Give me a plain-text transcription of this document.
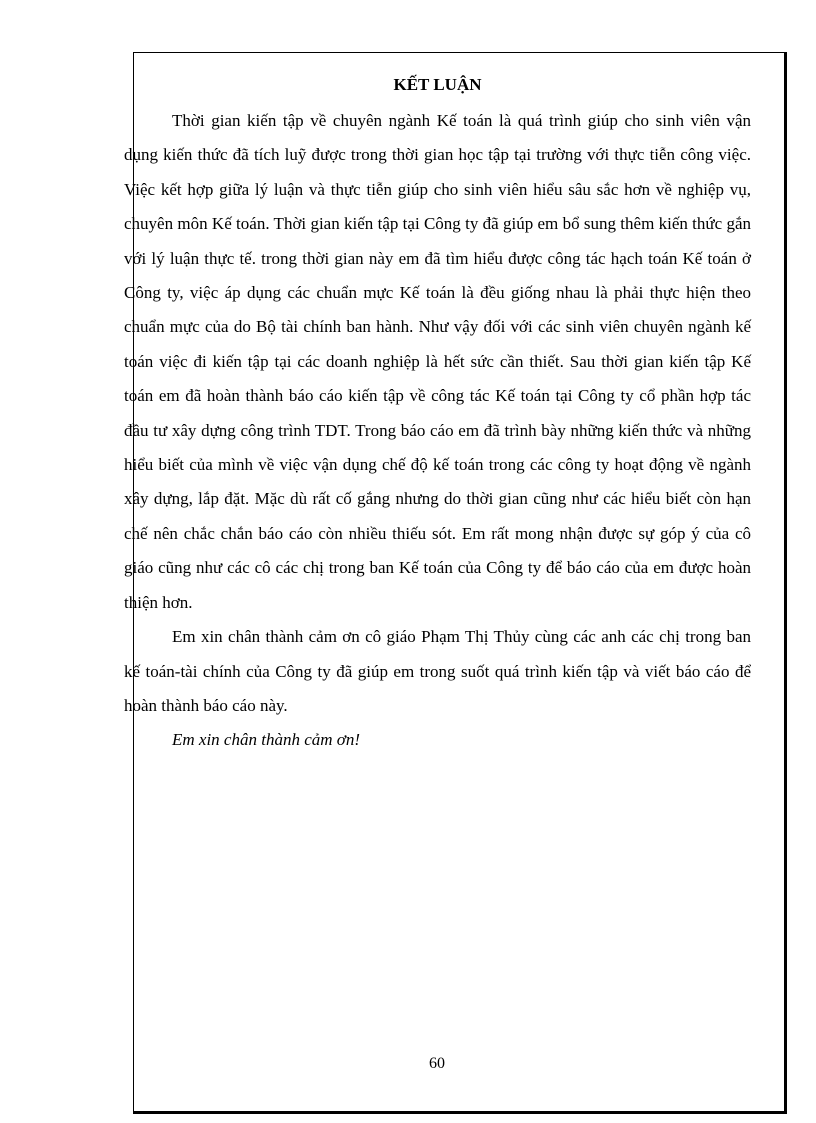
KẾT LUẬN

Thời gian kiến tập về chuyên ngành Kế toán là quá trình giúp cho sinh viên vận dụng kiến thức đã tích luỹ được trong thời gian học tập tại trường với thực tiễn công việc. Việc kết hợp giữa lý luận và thực tiễn giúp cho sinh viên hiểu sâu sắc hơn về nghiệp vụ, chuyên môn Kế toán. Thời gian kiến tập tại Công ty đã giúp em bổ sung thêm kiến thức gắn với lý luận thực tế. trong thời gian này em đã tìm hiểu được công tác hạch toán Kế toán ở Công ty, việc áp dụng các chuẩn mực Kế toán là đều giống nhau là phải thực hiện theo chuẩn mực của do Bộ tài chính ban hành. Như vậy đối với các sinh viên chuyên ngành kế toán việc đi kiến tập tại các doanh nghiệp là hết sức cần thiết. Sau thời gian kiến tập Kế toán em đã hoàn thành báo cáo kiến tập về công tác Kế toán tại Công ty cổ phần hợp tác đầu tư xây dựng công trình TDT. Trong báo cáo em đã trình bày những kiến thức và những hiểu biết của mình về việc vận dụng chế độ kế toán trong các công ty hoạt động về ngành xây dựng, lắp đặt. Mặc dù rất cố gắng nhưng do thời gian cũng như các hiểu biết còn hạn chế nên chắc chắn báo cáo còn nhiều thiếu sót. Em rất mong nhận được sự góp ý của cô giáo cũng như các cô các chị trong ban Kế toán của Công ty để báo cáo của em được hoàn thiện hơn.

Em xin chân thành cảm ơn cô giáo Phạm Thị Thủy cùng các anh các chị trong ban kế toán-tài chính của Công ty đã giúp em trong suốt quá trình kiến tập và viết báo cáo để hoàn thành báo cáo này.

Em xin chân thành cảm ơn!

60
